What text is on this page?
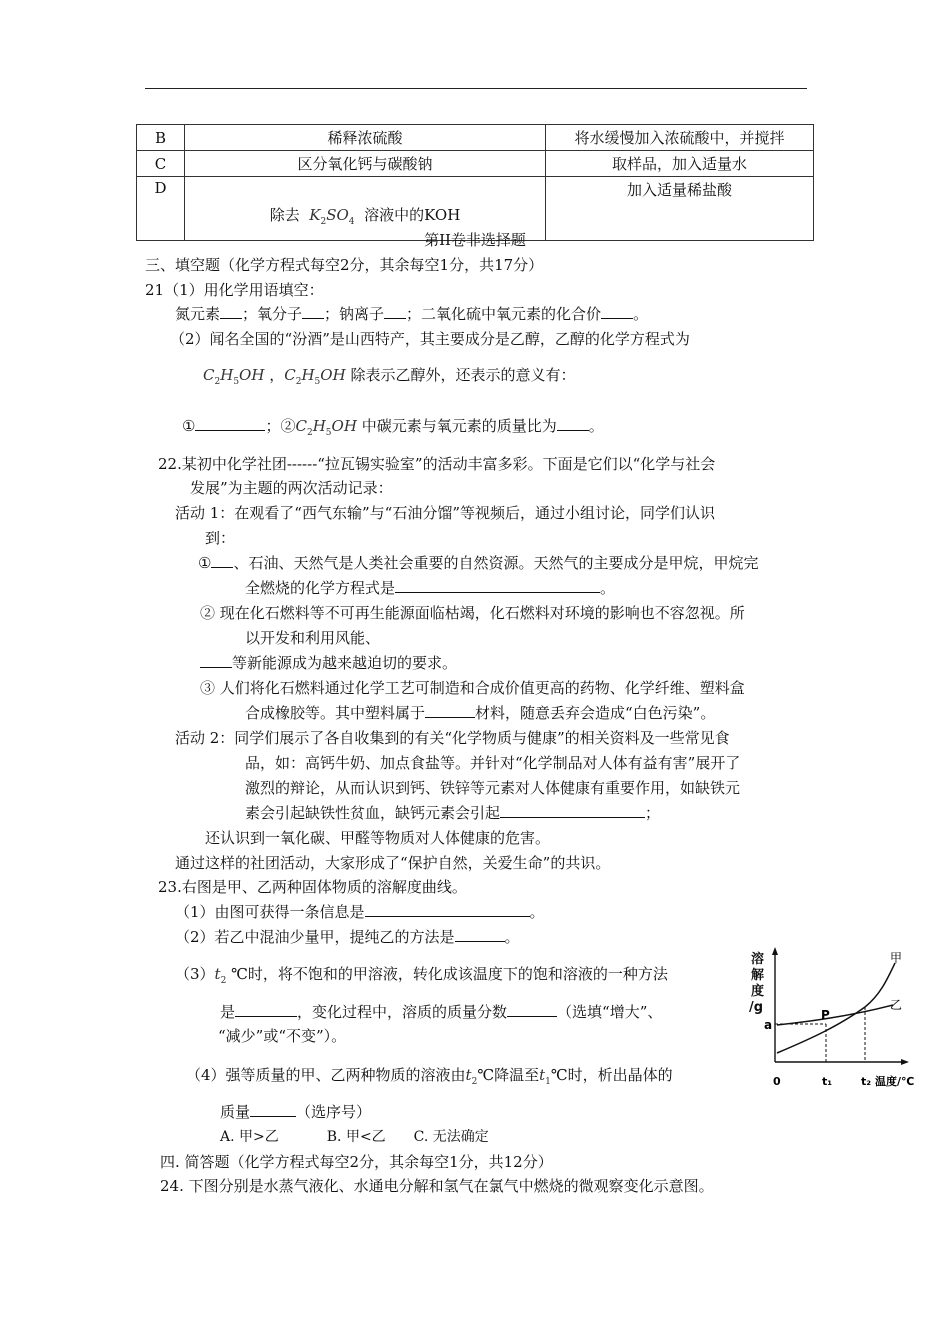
B	稀释浓硫酸	将水缓慢加入浓硫酸中，并搅拌
C	区分氧化钙与碳酸钠	取样品，加入适量水
D	除去  $K_2SO_4$ 溶液中的KOH	加入适量稀盐酸
第II卷非选择题
三、填空题（化学方程式每空2分，其余每空1分，共17分）
21（1）用化学用语填空：
氮元素 ；氧分子 ；钠离子 ；二氧化硫中氧元素的化合价 。
（2）闻名全国的“汾酒”是山西特产，其主要成分是乙醇，乙醇的化学方程式为
$C_2H_5OH$ ，$C_2H_5OH$ 除表示乙醇外，还表示的意义有：
①	；$②C_2H_5OH$ 中碳元素与氧元素的质量比为 。
22.某初中化学社团------“拉瓦锡实验室”的活动丰富多彩。下面是它们以“化学与社会
发展”为主题的两次活动记录：
活动 1：在观看了“西气东输”与“石油分馏”等视频后，通过小组讨论，同学们认识
到：
① 、石油、天然气是人类社会重要的自然资源。天然气的主要成分是甲烷，甲烷完
全燃烧的化学方程式是	。
② 现在化石燃料等不可再生能源面临枯竭，化石燃料对环境的影响也不容忽视。所
以开发和利用风能、
等新能源成为越来越迫切的要求。
③ 人们将化石燃料通过化学工艺可制造和合成价值更高的药物、化学纤维、塑料盒
合成橡胶等。其中塑料属于	材料，随意丢弃会造成“白色污染”。
活动 2：同学们展示了各自收集到的有关“化学物质与健康”的相关资料及一些常见食
品，如：高钙牛奶、加点食盐等。并针对“化学制品对人体有益有害”展开了
激烈的辩论，从而认识到钙、铁锌等元素对人体健康有重要作用，如缺铁元
素会引起缺铁性贫血，缺钙元素会引起	；
还认识到一氧化碳、甲醛等物质对人体健康的危害。
通过这样的社团活动，大家形成了“保护自然，关爱生命”的共识。
23.右图是甲、乙两种固体物质的溶解度曲线。
（1）由图可获得一条信息是	。
（2）若乙中混油少量甲，提纯乙的方法是	。
$(3)t_2$ ℃时，将不饱和的甲溶液，转化成该温度下的饱和溶液的一种方法
是	，变化过程中，溶质的质量分数	（选填“增大”、
“减少”或“不变”）。
（4）强等质量的甲、乙两种物质的溶液由$t_2℃$降温至$t_1℃$时，析出晶体的
质量	（选序号）
A. 甲>乙	B. 甲<乙 C. 无法确定
四. 简答题（化学方程式每空2分，其余每空1分，共12分）
24. 下图分别是水蒸气液化、水通电分解和氢气在氯气中燃烧的微观察变化示意图。
溶
解
度
/g	P
a
甲
乙
0	t₁	t₂ 温度/℃
